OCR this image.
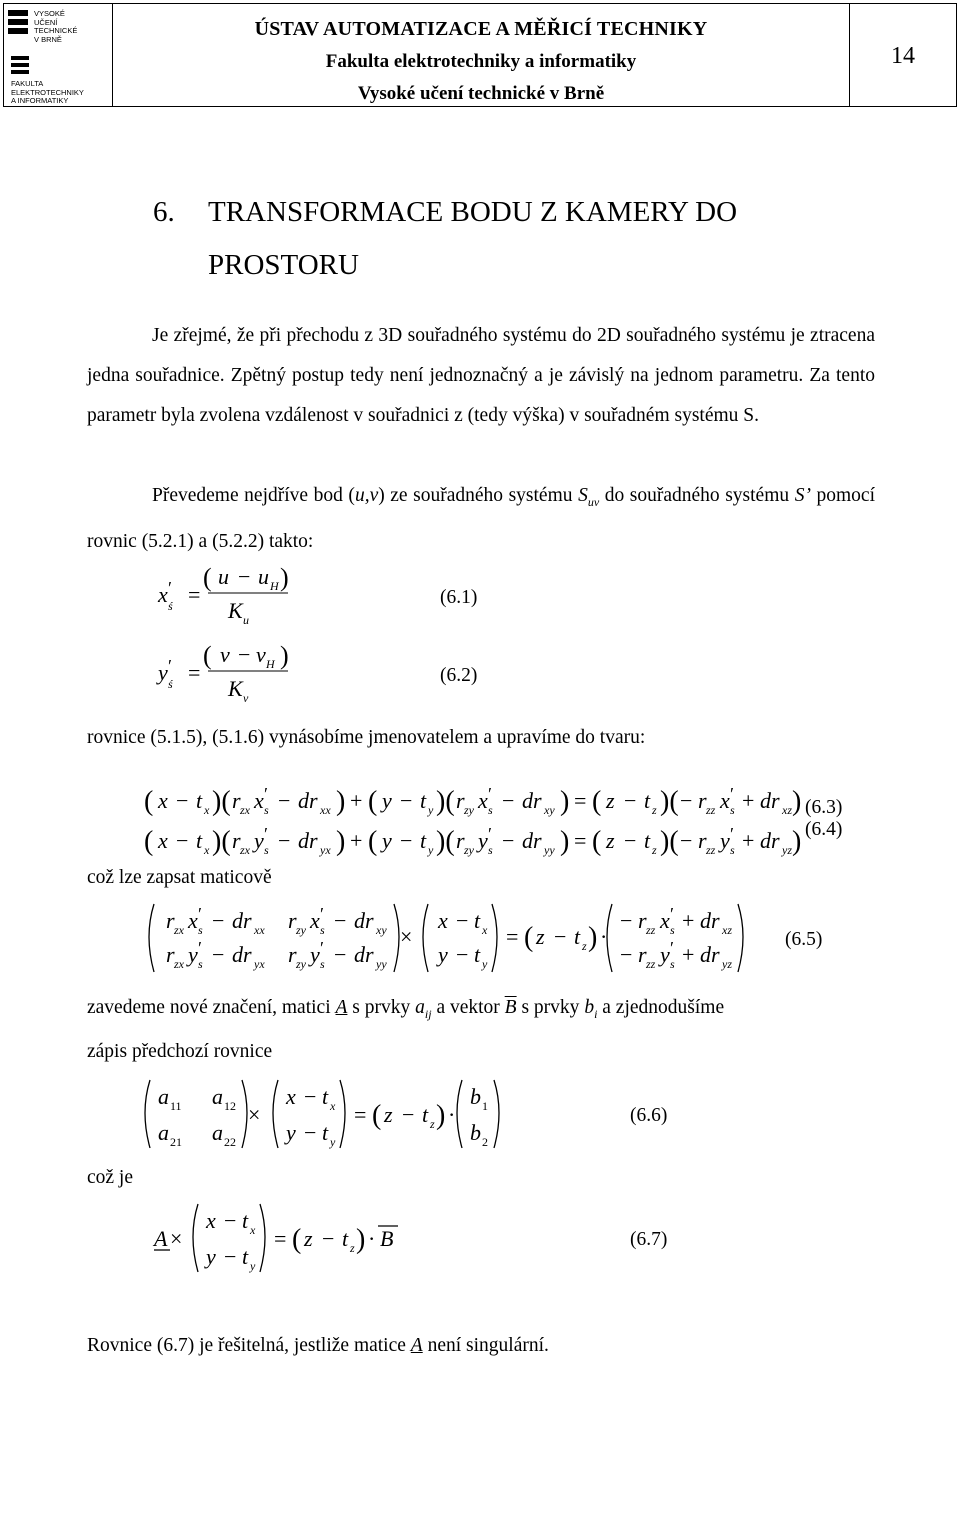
VYSOKÉ
UČENÍ
TECHNICKÉ
V BRNĚ
FAKULTA
ELEKTROTECHNIKY
A INFORMATIKY
ÚSTAV AUTOMATIZACE A MĚŘICÍ TECHNIKY
Fakulta elektrotechniky a informatiky
Vysoké učení technické v Brně
14
6. TRANSFORMACE BODU Z KAMERY DO
PROSTORU
Je zřejmé, že při přechodu z 3D souřadného systému do 2D souřadného systému je ztracena jedna souřadnice. Zpětný postup tedy není jednoznačný a je závislý na jednom parametru. Za tento parametr byla zvolena vzdálenost v souřadnici z (tedy výška) v souřadném systému S.
Převedeme nejdříve bod (u,v) ze souřadného systému $S_{uv}$ do souřadného systému S’ pomocí rovnic (5.2.1) a (5.2.2) takto:
x ′
ś =
( u − u H )
K u
y ′
ś =
( v − v H )
K v
(6.1)
(6.2)
rovnice (5.1.5), (5.1.6) vynásobíme jmenovatelem a upravíme do tvaru:
( x − t x )( r zx x ′
s − dr xx ) + ( y − t y )( r zy x ′
s − dr xy ) = ( z − t z )( − r zz x ′
s + dr xz )
( x − t x )( r zx y ′
s − dr yx ) + ( y − t y )( r zy y ′
s − dr yy ) = ( z − t z )( − r zz y ′
s + dr yz )
(6.3)
(6.4)
což lze zapsat maticově
r zx x ′
s − dr xx r zy x ′
s − dr xy
r zx y ′
s − dr yx r zy y ′
s − dr yy
×
x − t x
y − t y
= ( z − t z ) ·
− r zz x ′
s + dr xz
− r zz y ′
s + dr yz
(6.5)
zavedeme nové značení, matici A s prvky $a_{ij}$ a vektor $\overline{B}$ s prvky $b_i$ a zjednodušíme
zápis předchozí rovnice
a 11 a 12
a 21 a 22
×
x − t x
y − t y
= ( z − t z ) ·
b 1
b 2
(6.6)
což je
A ×
x − t x
y − t y
= ( z − t z ) · B	(6.7)
Rovnice (6.7) je řešitelná, jestliže matice A není singulární.
